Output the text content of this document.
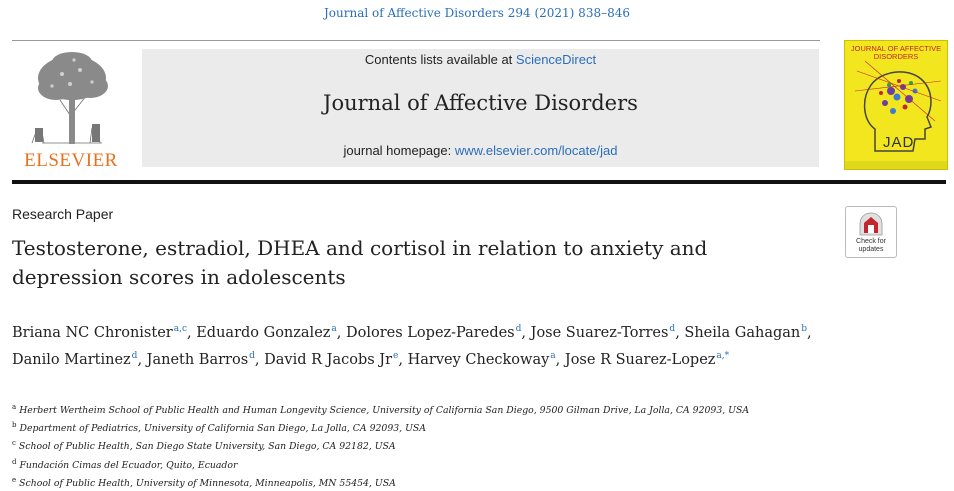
Journal of Affective Disorders 294 (2021) 838–846
ELSEVIER
Contents lists available at ScienceDirect
Journal of Affective Disorders
journal homepage: www.elsevier.com/locate/jad
JOURNAL OF AFFECTIVE DISORDERS
JAD
Research Paper
Check for updates
Testosterone, estradiol, DHEA and cortisol in relation to anxiety and depression scores in adolescents
Briana NC Chronister$^{a,c}$, Eduardo Gonzalez$^a$, Dolores Lopez-Paredes$^d$, Jose Suarez-Torres$^d$, Sheila Gahagan$^b$, Danilo Martinez$^d$, Janeth Barros$^d$, David R Jacobs Jr$^e$, Harvey Checkoway$^a$, Jose R Suarez-Lopez$^{a,*}$
$^a$ Herbert Wertheim School of Public Health and Human Longevity Science, University of California San Diego, 9500 Gilman Drive, La Jolla, CA 92093, USA
$^b$ Department of Pediatrics, University of California San Diego, La Jolla, CA 92093, USA
$^c$ School of Public Health, San Diego State University, San Diego, CA 92182, USA
$^d$ Fundación Cimas del Ecuador, Quito, Ecuador
$^e$ School of Public Health, University of Minnesota, Minneapolis, MN 55454, USA
